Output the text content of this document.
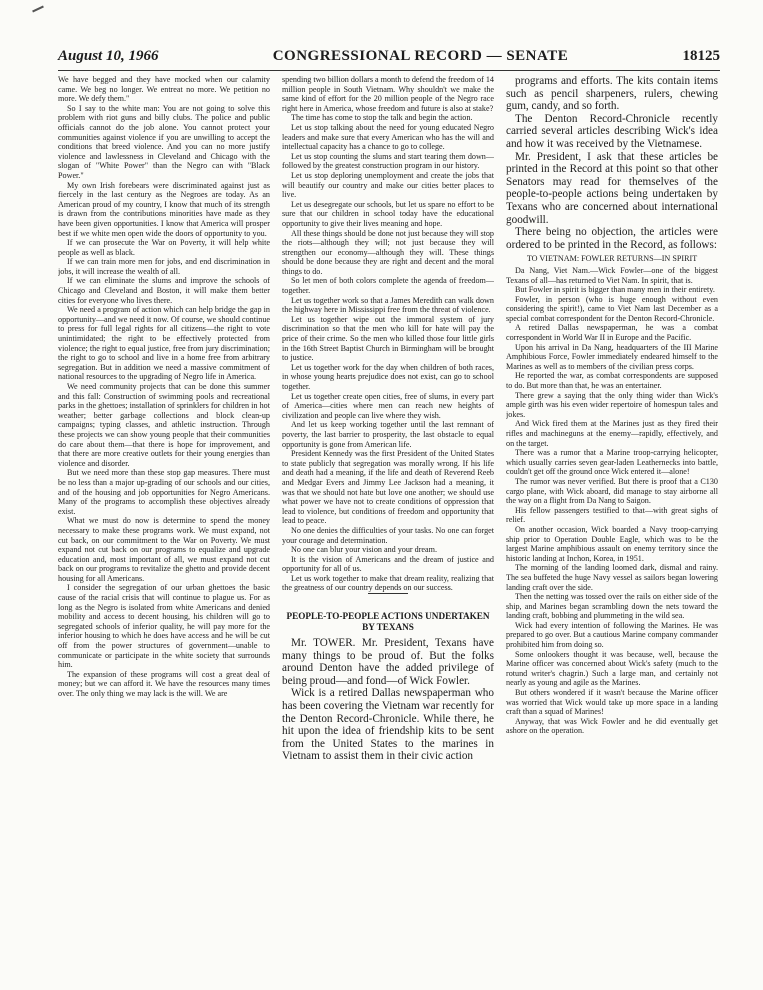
August 10, 1966	CONGRESSIONAL RECORD — SENATE	18125

We have begged and they have mocked when our calamity came. We beg no longer. We entreat no more. We petition no more. We defy them."

So I say to the white man: You are not going to solve this problem with riot guns and billy clubs. The police and public officials cannot do the job alone. You cannot protect your communities against violence if you are unwilling to accept the conditions that breed violence. And you can no more justify violence and lawlessness in Cleveland and Chicago with the slogan of "White Power" than the Negro can with "Black Power."

My own Irish forebears were discriminated against just as fiercely in the last century as the Negroes are today. As an American proud of my country, I know that much of its strength is drawn from the contributions minorities have made as they have been given opportunities. I know that America will prosper best if we white men open wide the doors of opportunity to you.

If we can prosecute the War on Poverty, it will help white people as well as black.

If we can train more men for jobs, and end discrimination in jobs, it will increase the wealth of all.

If we can eliminate the slums and improve the schools of Chicago and Cleveland and Boston, it will make them better cities for everyone who lives there.

We need a program of action which can help bridge the gap in opportunity—and we need it now. Of course, we should continue to press for full legal rights for all citizens—the right to vote unintimidated; the right to be effectively protected from violence; the right to equal justice, free from jury discrimination; the right to go to school and live in a home free from arbitrary segregation. But in addition we need a massive commitment of national resources to the upgrading of Negro life in America.

We need community projects that can be done this summer and this fall: Construction of swimming pools and recreational parks in the ghettoes; installation of sprinklers for children in hot weather; better garbage collections and block clean-up campaigns; typing classes, and athletic instruction. Through these projects we can show young people that their communities do care about them—that there is hope for improvement, and that there are more creative outlets for their young energies than violence and disorder.

But we need more than these stop gap measures. There must be no less than a major up-grading of our schools and our cities, and of the housing and job opportunities for Negro Americans. Many of the programs to accomplish these objectives already exist.

What we must do now is determine to spend the money necessary to make these programs work. We must expand, not cut back, on our commitment to the War on Poverty. We must expand not cut back on our programs to equalize and upgrade education and, most important of all, we must expand not cut back on our programs to revitalize the ghetto and provide decent housing for all Americans.

I consider the segregation of our urban ghettoes the basic cause of the racial crisis that will continue to plague us. For as long as the Negro is isolated from white Americans and denied mobility and access to decent housing, his children will go to segregated schools of inferior quality, he will pay more for the inferior housing to which he does have access and he will be cut off from the power structures of government—unable to communicate or participate in the white society that surrounds him.

The expansion of these programs will cost a great deal of money; but we can afford it. We have the resources many times over. The only thing we may lack is the will. We are

spending two billion dollars a month to defend the freedom of 14 million people in South Vietnam. Why shouldn't we make the same kind of effort for the 20 million people of the Negro race right here in America, whose freedom and future is also at stake?

The time has come to stop the talk and begin the action.

Let us stop talking about the need for young educated Negro leaders and make sure that every American who has the will and intellectual capacity has a chance to go to college.

Let us stop counting the slums and start tearing them down—followed by the greatest construction program in our history.

Let us stop deploring unemployment and create the jobs that will beautify our country and make our cities better places to live.

Let us desegregate our schools, but let us spare no effort to be sure that our children in school today have the educational opportunity to give their lives meaning and hope.

All these things should be done not just because they will stop the riots—although they will; not just because they will strengthen our economy—although they will. These things should be done because they are right and decent and the moral things to do.

So let men of both colors complete the agenda of freedom—together.

Let us together work so that a James Meredith can walk down the highway here in Mississippi free from the threat of violence.

Let us together wipe out the immoral system of jury discrimination so that the men who kill for hate will pay the price of their crime. So the men who killed those four little girls in the 16th Street Baptist Church in Birmingham will be brought to justice.

Let us together work for the day when children of both races, in whose young hearts prejudice does not exist, can go to school together.

Let us together create open cities, free of slums, in every part of America—cities where men can reach new heights of civilization and people can live where they wish.

And let us keep working together until the last remnant of poverty, the last barrier to prosperity, the last obstacle to equal opportunity is gone from American life.

President Kennedy was the first President of the United States to state publicly that segregation was morally wrong. If his life and death had a meaning, if the life and death of Reverend Reeb and Medgar Evers and Jimmy Lee Jackson had a meaning, it was that we should not hate but love one another; we should use what power we have not to create conditions of oppression that lead to violence, but conditions of freedom and opportunity that lead to peace.

No one denies the difficulties of your tasks. No one can forget your courage and determination.

No one can blur your vision and your dream.

It is the vision of Americans and the dream of justice and opportunity for all of us.

Let us work together to make that dream reality, realizing that the greatness of our country depends on our success.

PEOPLE-TO-PEOPLE ACTIONS UNDERTAKEN BY TEXANS

Mr. TOWER. Mr. President, Texans have many things to be proud of. But the folks around Denton have the added privilege of being proud—and fond—of Wick Fowler.

Wick is a retired Dallas newspaperman who has been covering the Vietnam war recently for the Denton Record-Chronicle. While there, he hit upon the idea of friendship kits to be sent from the United States to the marines in Vietnam to assist them in their civic action

programs and efforts. The kits contain items such as pencil sharpeners, rulers, chewing gum, candy, and so forth.

The Denton Record-Chronicle recently carried several articles describing Wick's idea and how it was received by the Vietnamese.

Mr. President, I ask that these articles be printed in the Record at this point so that other Senators may read for themselves of the people-to-people actions being undertaken by Texans who are concerned about international goodwill.

There being no objection, the articles were ordered to be printed in the Record, as follows:

TO VIETNAM: FOWLER RETURNS—IN SPIRIT

Da Nang, Viet Nam.—Wick Fowler—one of the biggest Texans of all—has returned to Viet Nam. In spirit, that is.

But Fowler in spirit is bigger than many men in their entirety.

Fowler, in person (who is huge enough without even considering the spirit!), came to Viet Nam last December as a special combat correspondent for the Denton Record-Chronicle.

A retired Dallas newspaperman, he was a combat correspondent in World War II in Europe and the Pacific.

Upon his arrival in Da Nang, headquarters of the III Marine Amphibious Force, Fowler immediately endeared himself to the Marines as well as to members of the civilian press corps.

He reported the war, as combat correspondents are supposed to do. But more than that, he was an entertainer.

There grew a saying that the only thing wider than Wick's ample girth was his even wider repertoire of homespun tales and jokes.

And Wick fired them at the Marines just as they fired their rifles and machineguns at the enemy—rapidly, effectively, and on the target.

There was a rumor that a Marine troop-carrying helicopter, which usually carries seven gear-laden Leathernecks into battle, couldn't get off the ground once Wick entered it—alone!

The rumor was never verified. But there is proof that a C130 cargo plane, with Wick aboard, did manage to stay airborne all the way on a flight from Da Nang to Saigon.

His fellow passengers testified to that—with great sighs of relief.

On another occasion, Wick boarded a Navy troop-carrying ship prior to Operation Double Eagle, which was to be the largest Marine amphibious assault on enemy territory since the historic landing at Inchon, Korea, in 1951.

The morning of the landing loomed dark, dismal and rainy. The sea buffeted the huge Navy vessel as sailors began lowering landing craft over the side.

Then the netting was tossed over the rails on either side of the ship, and Marines began scrambling down the nets toward the landing craft, bobbing and plummeting in the wild sea.

Wick had every intention of following the Marines. He was prepared to go over. But a cautious Marine company commander prohibited him from doing so.

Some onlookers thought it was because, well, because the Marine officer was concerned about Wick's safety (much to the rotund writer's chagrin.) Such a large man, and certainly not nearly as young and agile as the Marines.

But others wondered if it wasn't because the Marine officer was worried that Wick would take up more space in a landing craft than a squad of Marines!

Anyway, that was Wick Fowler and he did eventually get ashore on the operation.
